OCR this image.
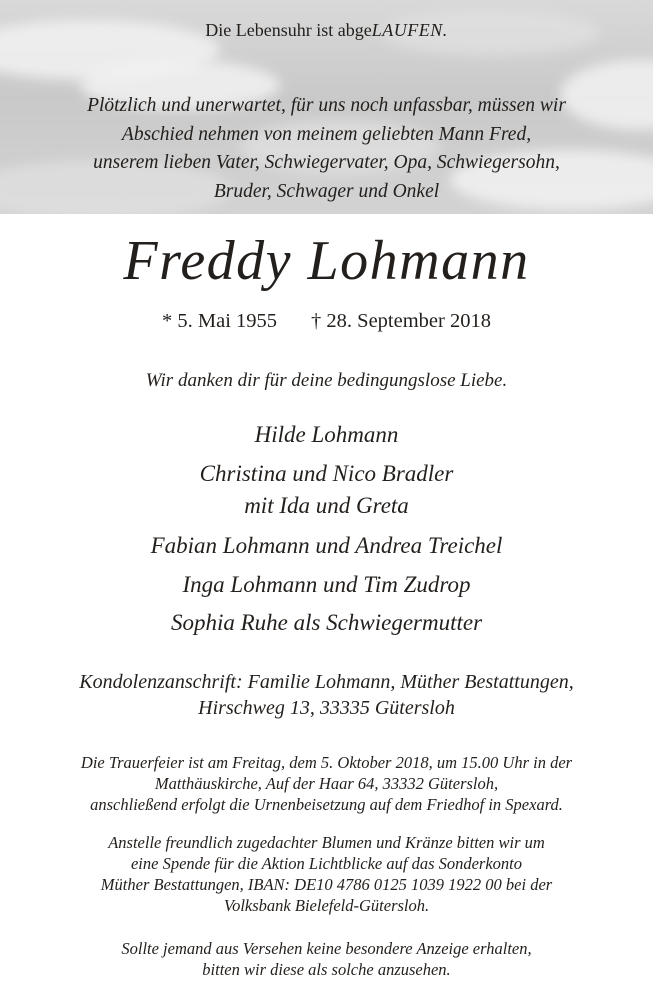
Die Lebensuhr ist abgeLAUFEN.
Plötzlich und unerwartet, für uns noch unfassbar, müssen wir
Abschied nehmen von meinem geliebten Mann Fred,
unserem lieben Vater, Schwiegervater, Opa, Schwiegersohn,
Bruder, Schwager und Onkel
Freddy Lohmann
* 5. Mai 1955 † 28. September 2018
Wir danken dir für deine bedingungslose Liebe.
Hilde Lohmann
Christina und Nico Bradler
mit Ida und Greta
Fabian Lohmann und Andrea Treichel
Inga Lohmann und Tim Zudrop
Sophia Ruhe als Schwiegermutter
Kondolenzanschrift: Familie Lohmann, Müther Bestattungen,
Hirschweg 13, 33335 Gütersloh
Die Trauerfeier ist am Freitag, dem 5. Oktober 2018, um 15.00 Uhr in der
Matthäuskirche, Auf der Haar 64, 33332 Gütersloh,
anschließend erfolgt die Urnenbeisetzung auf dem Friedhof in Spexard.
Anstelle freundlich zugedachter Blumen und Kränze bitten wir um
eine Spende für die Aktion Lichtblicke auf das Sonderkonto
Müther Bestattungen, IBAN: DE10 4786 0125 1039 1922 00 bei der
Volksbank Bielefeld-Gütersloh.
Sollte jemand aus Versehen keine besondere Anzeige erhalten,
bitten wir diese als solche anzusehen.
